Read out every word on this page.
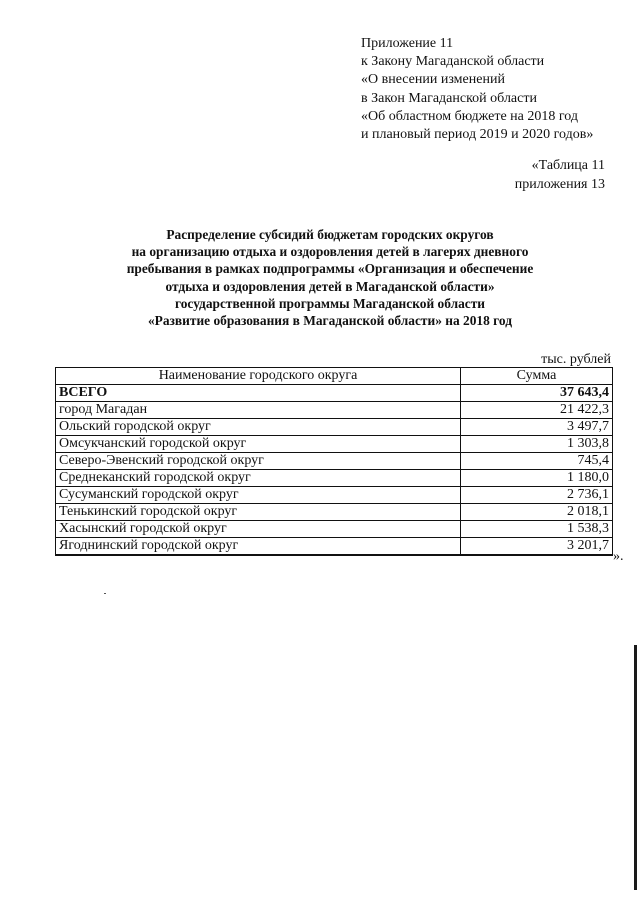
Приложение 11
к Закону Магаданской области
«О внесении изменений
в Закон Магаданской области
«Об областном бюджете на 2018 год
и плановый период 2019 и 2020 годов»
«Таблица 11
приложения 13
Распределение субсидий бюджетам городских округов
на организацию отдыха и оздоровления детей в лагерях дневного
пребывания в рамках подпрограммы «Организация и обеспечение
отдыха и оздоровления детей в Магаданской области»
государственной программы Магаданской области
«Развитие образования в Магаданской области» на 2018 год
тыс. рублей
Наименование городского округа	Сумма
ВСЕГО	37 643,4
город Магадан	21 422,3
Ольский городской округ	3 497,7
Омсукчанский городской округ	1 303,8
Северо-Эвенский городской округ	745,4
Среднеканский городской округ	1 180,0
Сусуманский городской округ	2 736,1
Тенькинский городской округ	2 018,1
Хасынский городской округ	1 538,3
Ягоднинский городской округ	3 201,7
».
